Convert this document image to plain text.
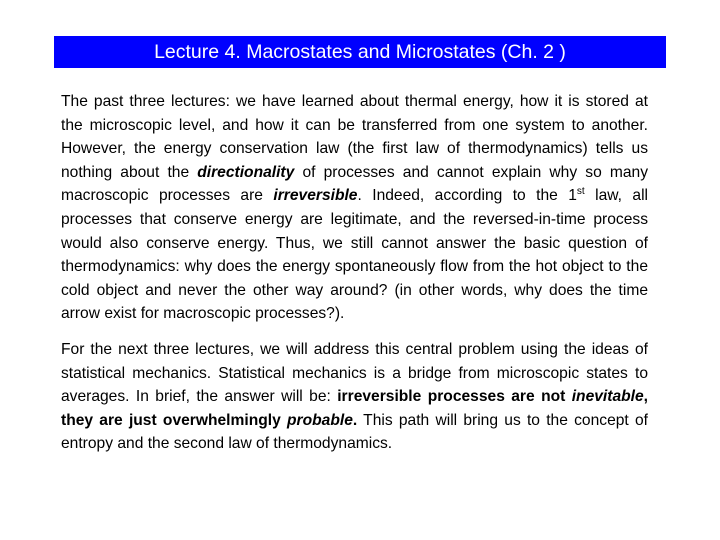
Lecture 4. Macrostates and Microstates (Ch. 2 )

The past three lectures: we have learned about thermal energy, how it is stored at the microscopic level, and how it can be transferred from one system to another. However, the energy conservation law (the first law of thermodynamics) tells us nothing about the directionality of processes and cannot explain why so many macroscopic processes are irreversible. Indeed, according to the 1st law, all processes that conserve energy are legitimate, and the reversed-in-time process would also conserve energy. Thus, we still cannot answer the basic question of thermodynamics: why does the energy spontaneously flow from the hot object to the cold object and never the other way around? (in other words, why does the time arrow exist for macroscopic processes?).

For the next three lectures, we will address this central problem using the ideas of statistical mechanics. Statistical mechanics is a bridge from microscopic states to averages. In brief, the answer will be: irreversible processes are not inevitable, they are just overwhelmingly probable. This path will bring us to the concept of entropy and the second law of thermodynamics.
